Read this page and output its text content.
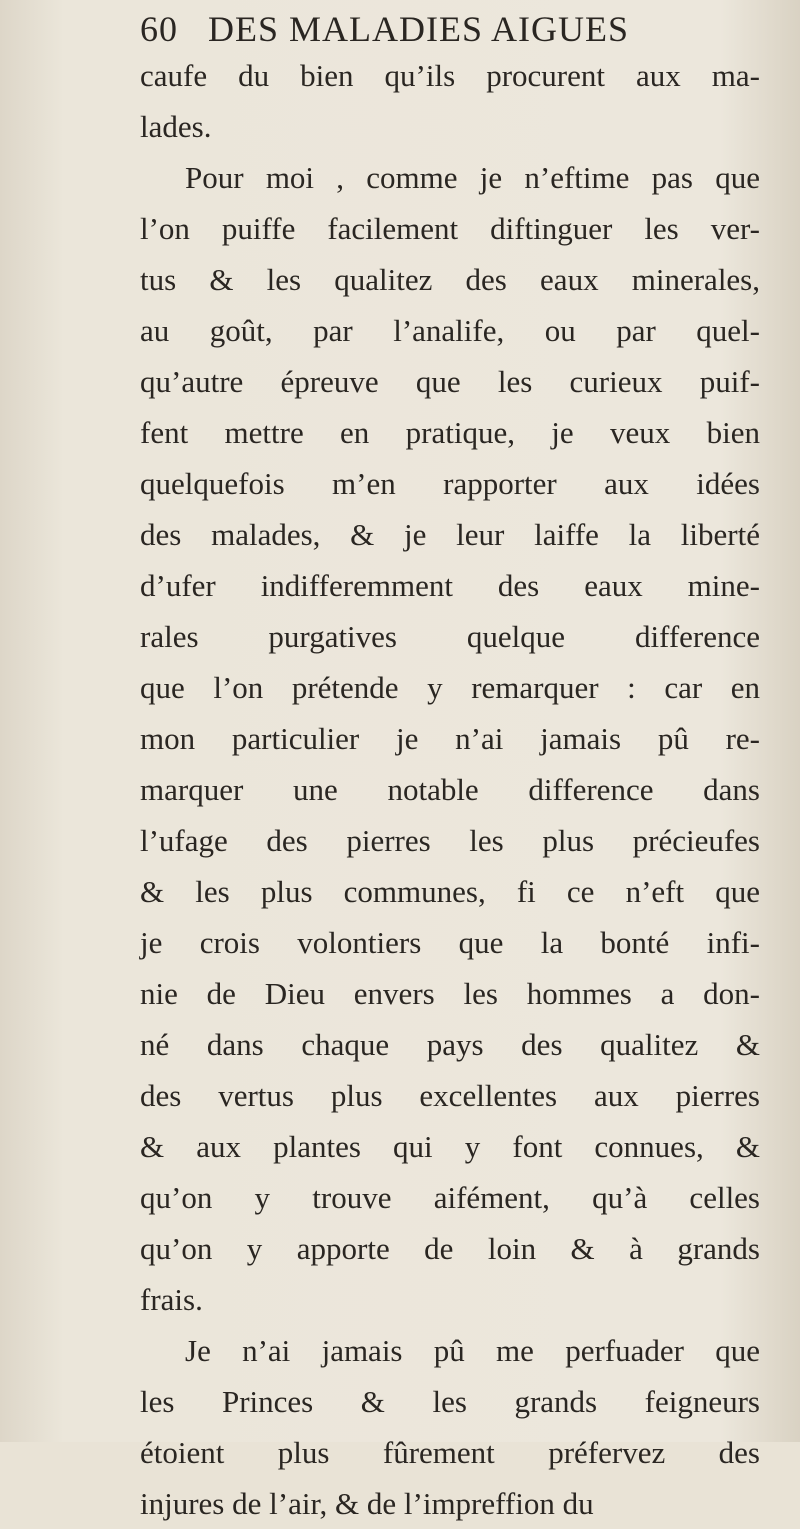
60 DES MALADIES AIGUES
caufe du bien qu’ils procurent aux ma-
lades.
Pour moi , comme je n’eftime pas que
l’on puiffe facilement diftinguer les ver-
tus & les qualitez des eaux minerales,
au goût, par l’analife, ou par quel-
qu’autre épreuve que les curieux puif-
fent mettre en pratique, je veux bien
quelquefois m’en rapporter aux idées
des malades, & je leur laiffe la liberté
d’ufer indifferemment des eaux mine-
rales purgatives quelque difference
que l’on prétende y remarquer : car en
mon particulier je n’ai jamais pû re-
marquer une notable difference dans
l’ufage des pierres les plus précieufes
& les plus communes, fi ce n’eft que
je crois volontiers que la bonté infi-
nie de Dieu envers les hommes a don-
né dans chaque pays des qualitez &
des vertus plus excellentes aux pierres
& aux plantes qui y font connues, &
qu’on y trouve aifément, qu’à celles
qu’on y apporte de loin & à grands
frais.
Je n’ai jamais pû me perfuader que
les Princes & les grands feigneurs
étoient plus fûrement préfervez des
injures de l’air, & de l’impreffion du
